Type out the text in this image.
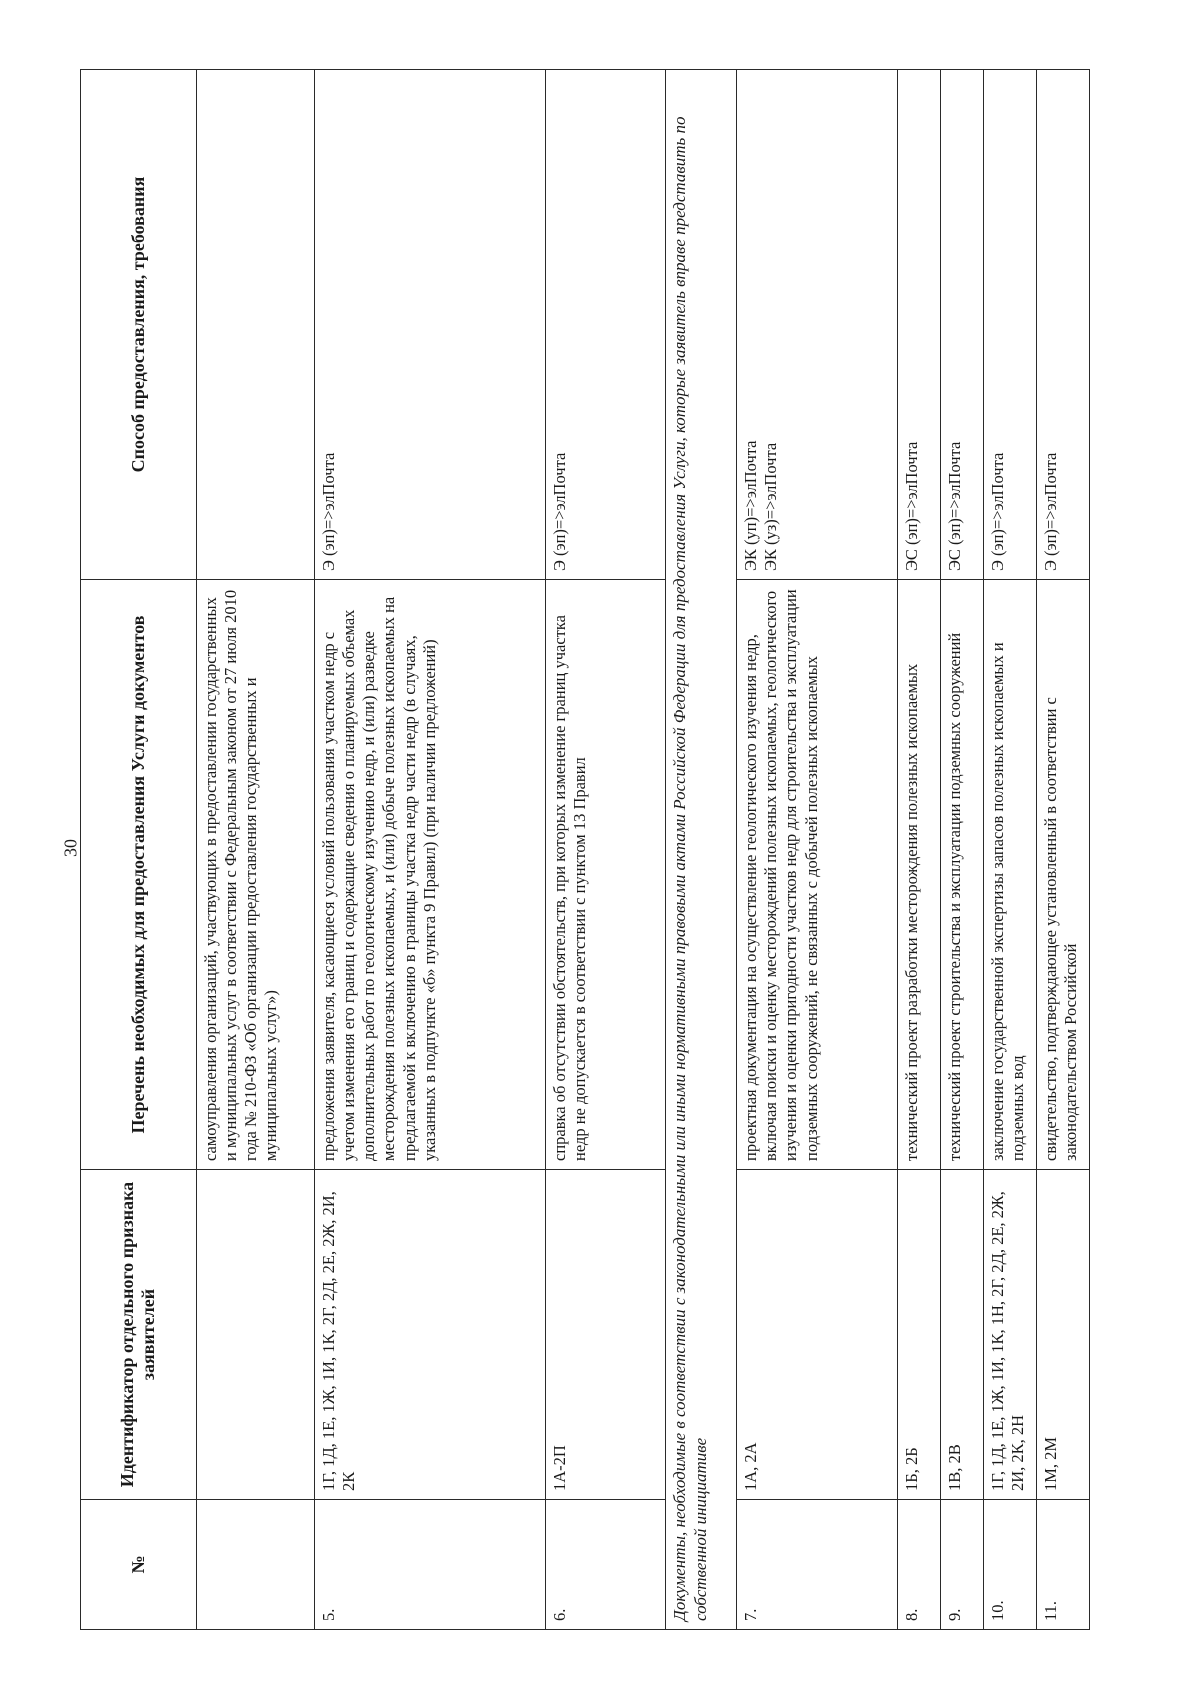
30
№	Идентификатор отдельного признака заявителей	Перечень необходимых для предоставления Услуги документов	Способ предоставления, требования
		самоуправления организаций, участвующих в предоставлении государственных и муниципальных услуг в соответствии с Федеральным законом от 27 июля 2010 года № 210-ФЗ «Об организации предоставления государственных и муниципальных услуг»)	
5.	1Г, 1Д, 1Е, 1Ж, 1И, 1К, 2Г, 2Д, 2Е, 2Ж, 2И, 2К	предложения заявителя, касающиеся условий пользования участком недр с учетом изменения его границ и содержащие сведения о планируемых объемах дополнительных работ по геологическому изучению недр, и (или) разведке месторождения полезных ископаемых, и (или) добыче полезных ископаемых на предлагаемой к включению в границы участка недр части недр (в случаях, указанных в подпункте «б» пункта 9 Правил) (при наличии предложений)	Э (эп)=>элПочта

6.	1А-2П	справка об отсутствии обстоятельств, при которых изменение границ участка недр не допускается в соответствии с пунктом 13 Правил	Э (эп)=>элПочта

Документы, необходимые в соответствии с законодательными или иными нормативными правовыми актами Российской Федерации для предоставления Услуги, которые заявитель вправе представить по собственной инициативе			
7.	1А, 2А	проектная документация на осуществление геологического изучения недр, включая поиски и оценку месторождений полезных ископаемых, геологического изучения и оценки пригодности участков недр для строительства и эксплуатации подземных сооружений, не связанных с добычей полезных ископаемых	ЭК (уп)=>элПочта ЭК (уз)=>элПочта

8.	1Б, 2Б	технический проект разработки месторождения полезных ископаемых	ЭС (эп)=>элПочта

9.	1В, 2В	технический проект строительства и эксплуатации подземных сооружений	ЭС (эп)=>элПочта

10.	1Г, 1Д, 1Е, 1Ж, 1И, 1К, 1Н, 2Г, 2Д, 2Е, 2Ж, 2И, 2К, 2Н	заключение государственной экспертизы запасов полезных ископаемых и подземных вод	Э (эп)=>элПочта

11.	1М, 2М	свидетельство, подтверждающее установленный в соответствии с законодательством Российской	Э (эп)=>элПочта
